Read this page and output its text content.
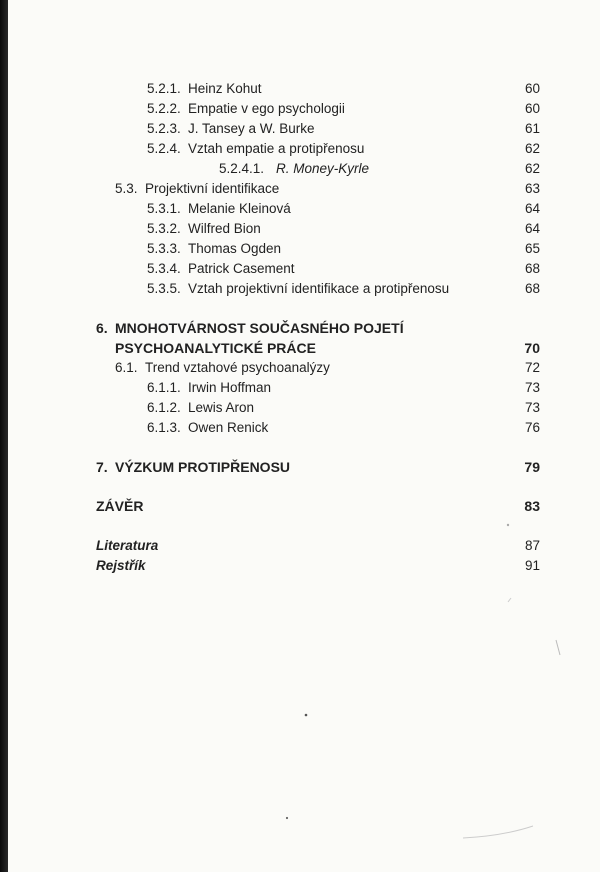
5.2.1. Heinz Kohut	60
5.2.2. Empatie v ego psychologii	60
5.2.3. J. Tansey a W. Burke	61
5.2.4. Vztah empatie a protipřenosu	62
5.2.4.1. R. Money-Kyrle	62
5.3. Projektivní identifikace	63
5.3.1. Melanie Kleinová	64
5.3.2. Wilfred Bion	64
5.3.3. Thomas Ogden	65
5.3.4. Patrick Casement	68
5.3.5. Vztah projektivní identifikace a protipřenosu	68
6. MNOHOTVÁRNOST SOUČASNÉHO POJETÍ
PSYCHOANALYTICKÉ PRÁCE	70
6.1. Trend vztahové psychoanalýzy	72
6.1.1. Irwin Hoffman	73
6.1.2. Lewis Aron	73
6.1.3. Owen Renick	76
7. VÝZKUM PROTIPŘENOSU	79
ZÁVĚR	83
Literatura	87
Rejstřík	91
